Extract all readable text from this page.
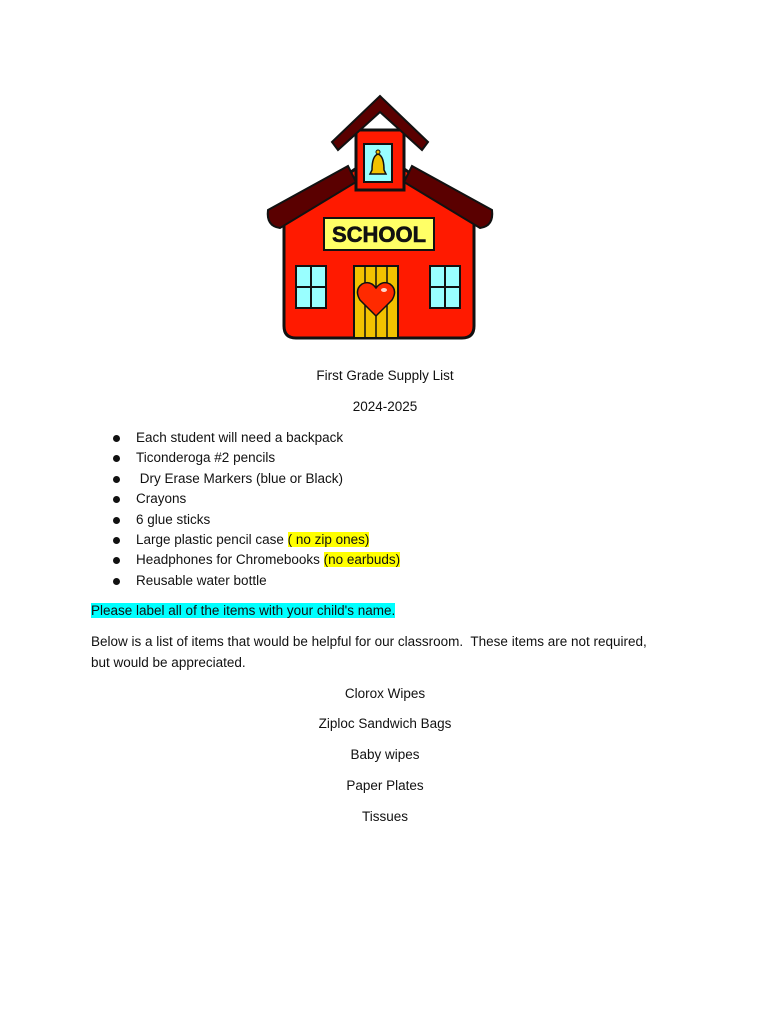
SCHOOL
First Grade Supply List
2024-2025
Each student will need a backpack
Ticonderoga #2 pencils
Dry Erase Markers (blue or Black)
Crayons
6 glue sticks
Large plastic pencil case ( no zip ones)
Headphones for Chromebooks (no earbuds)
Reusable water bottle
Please label all of the items with your child's name.
Below is a list of items that would be helpful for our classroom.  These items are not required,
but would be appreciated.
Clorox Wipes
Ziploc Sandwich Bags
Baby wipes
Paper Plates
Tissues
